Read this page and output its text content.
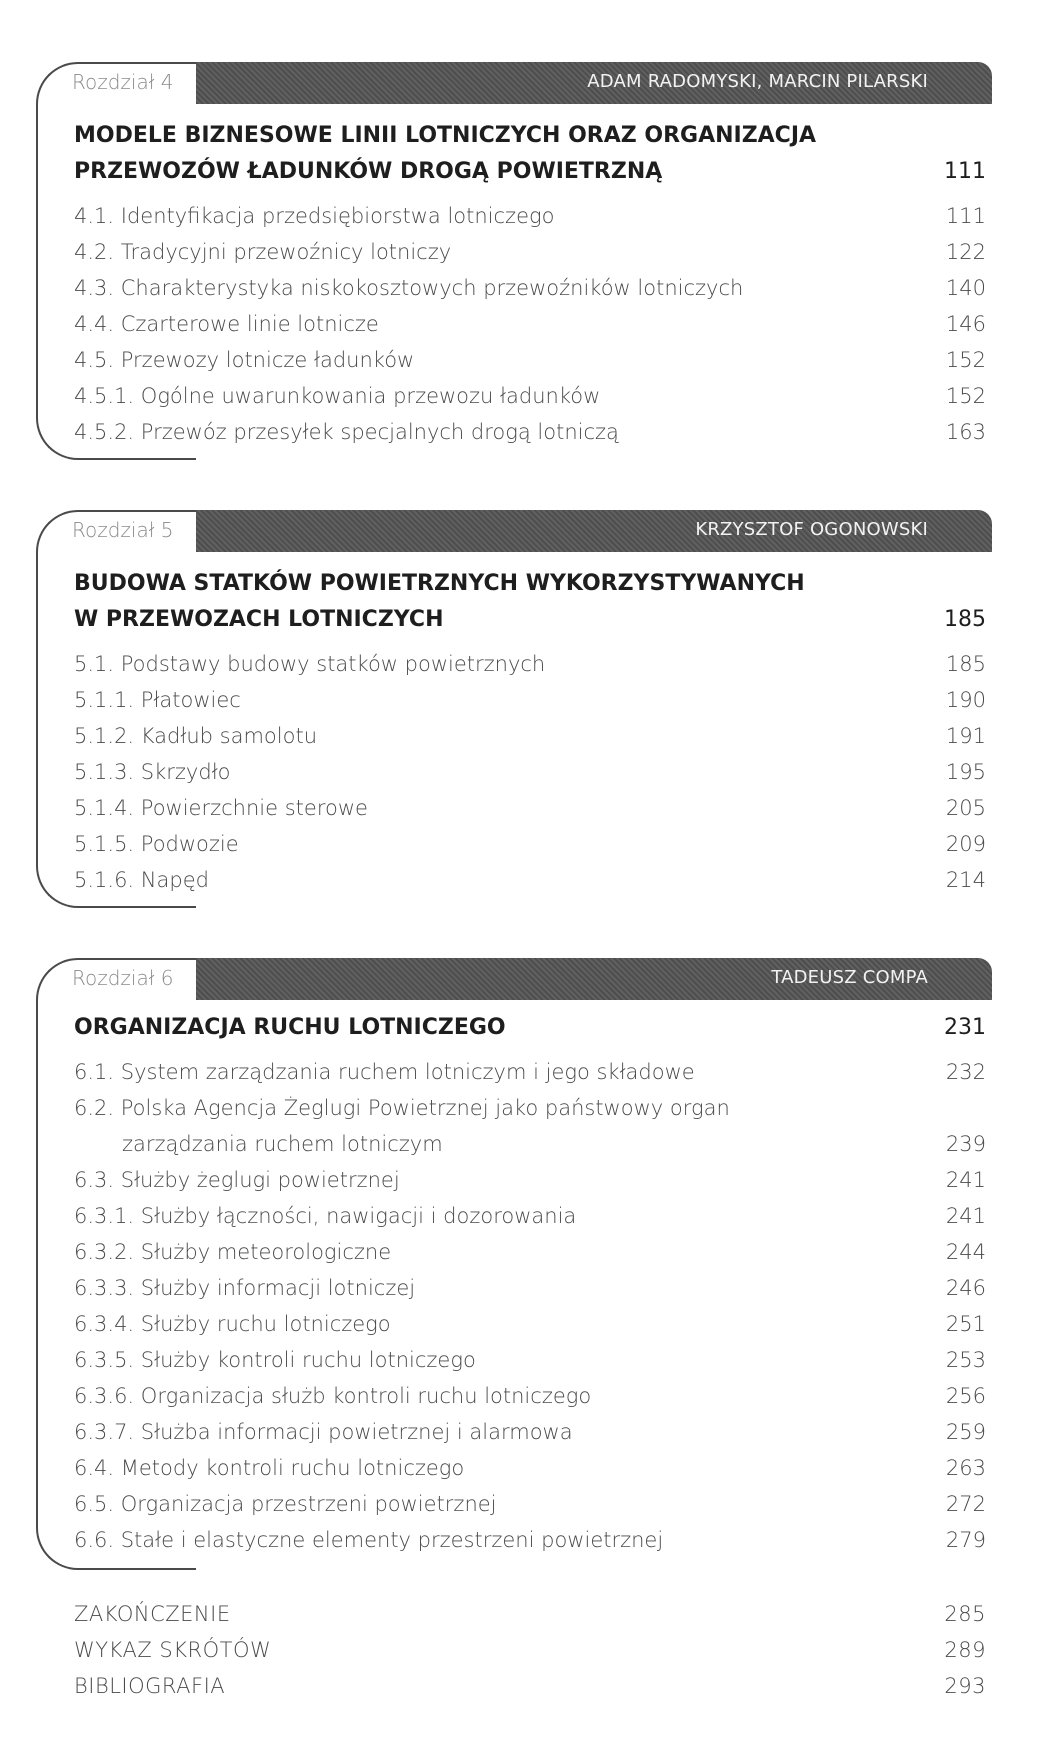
Rozdział 4	ADAM RADOMYSKI, MARCIN PILARSKI
MODELE BIZNESOWE LINII LOTNICZYCH ORAZ ORGANIZACJA
PRZEWOZÓW ŁADUNKÓW DROGĄ POWIETRZNĄ	111
4.1. Identyfikacja przedsiębiorstwa lotniczego	111
4.2. Tradycyjni przewoźnicy lotniczy	122
4.3. Charakterystyka niskokosztowych przewoźników lotniczych	140
4.4. Czarterowe linie lotnicze	146
4.5. Przewozy lotnicze ładunków	152
4.5.1. Ogólne uwarunkowania przewozu ładunków	152
4.5.2. Przewóz przesyłek specjalnych drogą lotniczą	163
Rozdział 5	KRZYSZTOF OGONOWSKI
BUDOWA STATKÓW POWIETRZNYCH WYKORZYSTYWANYCH
W PRZEWOZACH LOTNICZYCH	185
5.1. Podstawy budowy statków powietrznych	185
5.1.1. Płatowiec	190
5.1.2. Kadłub samolotu	191
5.1.3. Skrzydło	195
5.1.4. Powierzchnie sterowe	205
5.1.5. Podwozie	209
5.1.6. Napęd	214
Rozdział 6	TADEUSZ COMPA
ORGANIZACJA RUCHU LOTNICZEGO	231
6.1. System zarządzania ruchem lotniczym i jego składowe	232
6.2. Polska Agencja Żeglugi Powietrznej jako państwowy organ
zarządzania ruchem lotniczym	239
6.3. Służby żeglugi powietrznej	241
6.3.1. Służby łączności, nawigacji i dozorowania	241
6.3.2. Służby meteorologiczne	244
6.3.3. Służby informacji lotniczej	246
6.3.4. Służby ruchu lotniczego	251
6.3.5. Służby kontroli ruchu lotniczego	253
6.3.6. Organizacja służb kontroli ruchu lotniczego	256
6.3.7. Służba informacji powietrznej i alarmowa	259
6.4. Metody kontroli ruchu lotniczego	263
6.5. Organizacja przestrzeni powietrznej	272
6.6. Stałe i elastyczne elementy przestrzeni powietrznej	279
ZAKOŃCZENIE	285
WYKAZ SKRÓTÓW	289
BIBLIOGRAFIA	293
